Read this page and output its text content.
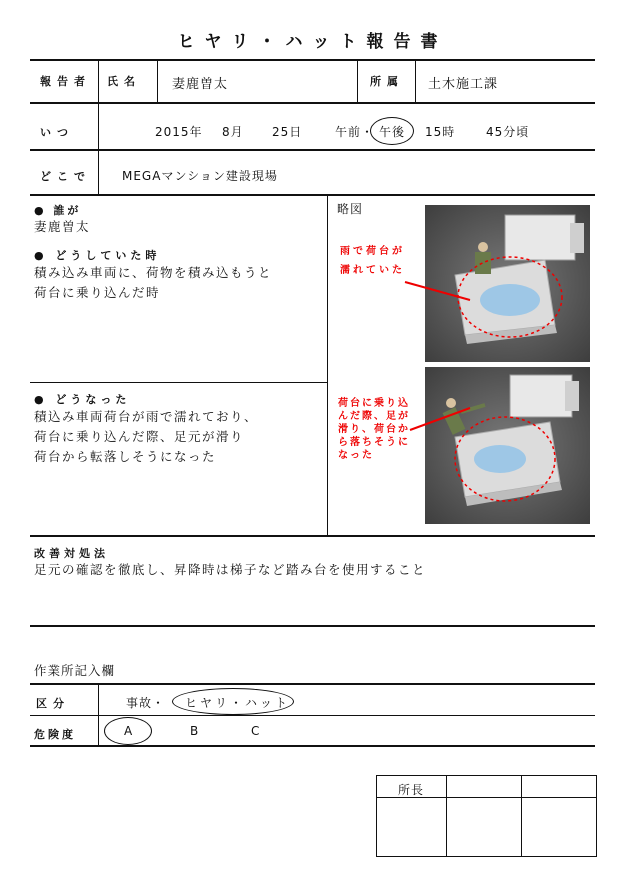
ヒヤリ・ハット報告書
報告者 氏名 妻鹿曽太	所属 土木施工課
いつ	2015年 8月 25日	午前・ 午後 15時	45分頃
どこで	MEGAマンション建設現場
● 誰が
妻鹿曽太
● どうしていた時
積み込み車両に、荷物を積み込もうと
荷台に乗り込んだ時
● どうなった
積込み車両荷台が雨で濡れており、
荷台に乗り込んだ際、足元が滑り
荷台から転落しそうになった
略図
雨で荷台が
濡れていた
荷台に乗り込
んだ際、足が
滑り、荷台か
ら落ちそうに
なった
改善対処法
足元の確認を徹底し、昇降時は梯子など踏み台を使用すること
作業所記入欄
区分	事故・ ヒヤリ・ハット
危険度	A	B	C
所長
